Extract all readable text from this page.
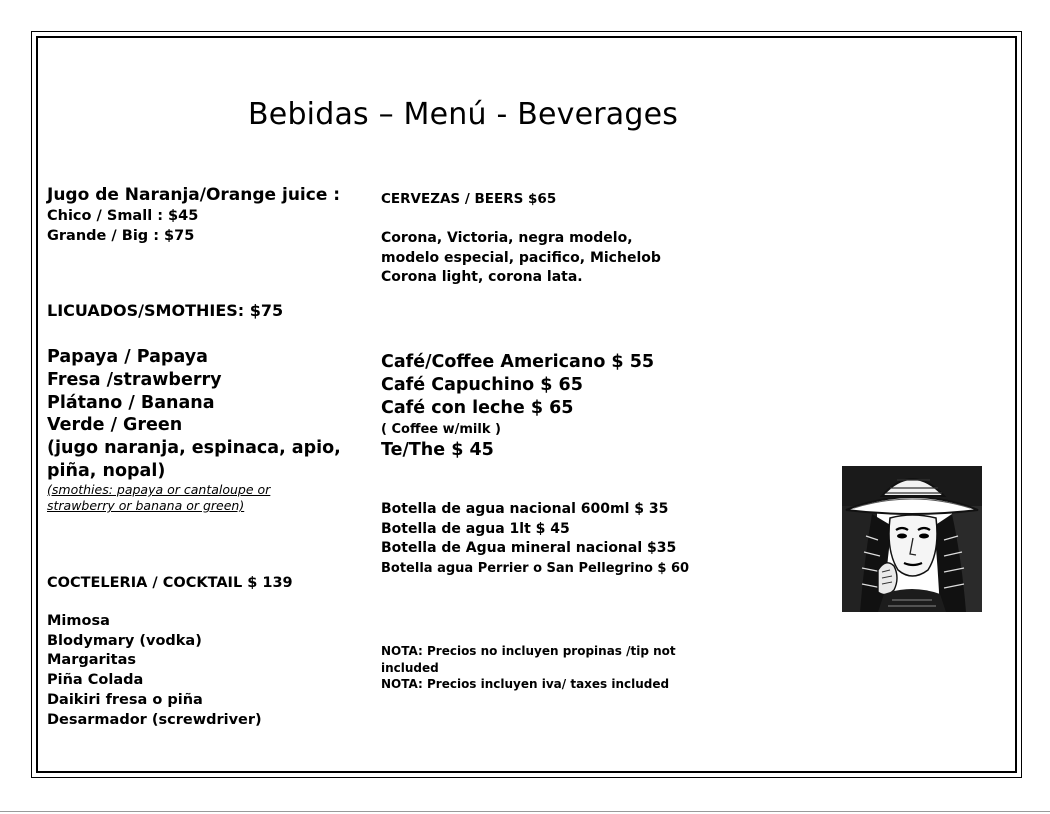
Bebidas – Menú - Beverages
Jugo de Naranja/Orange juice :
Chico / Small : $45
Grande / Big : $75
LICUADOS/SMOTHIES: $75
Papaya / Papaya
Fresa /strawberry
Plátano / Banana
Verde / Green
(jugo naranja, espinaca, apio,
piña, nopal)
(smothies: papaya or cantaloupe or
strawberry or banana or green)
COCTELERIA / COCKTAIL $ 139
Mimosa
Blodymary (vodka)
Margaritas
Piña Colada
Daikiri fresa o piña
Desarmador (screwdriver)
CERVEZAS / BEERS $65
Corona, Victoria, negra modelo,
modelo especial, pacifico, Michelob
Corona light, corona lata.
Café/Coffee Americano $ 55
Café Capuchino $ 65
Café con leche $ 65
( Coffee w/milk )
Te/The $ 45
Botella de agua nacional 600ml $ 35
Botella de agua 1lt $ 45
Botella de Agua mineral nacional $35
Botella agua Perrier o San Pellegrino $ 60
NOTA: Precios no incluyen propinas /tip not
included
NOTA: Precios incluyen iva/ taxes included
